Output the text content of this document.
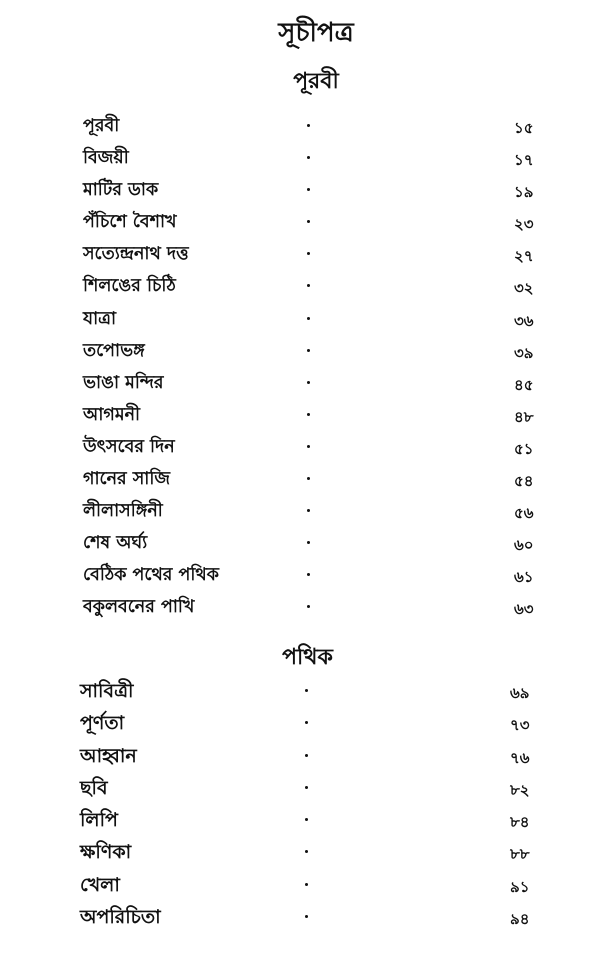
সূচীপত্র
পূরবী
পূরবী	১৫
বিজয়ী	১৭
মাটির ডাক	১৯
পঁচিশে বৈশাখ	২৩
সত্যেন্দ্রনাথ দত্ত	২৭
শিলঙের চিঠি	৩২
যাত্রা	৩৬
তপোভঙ্গ	৩৯
ভাঙা মন্দির	৪৫
আগমনী	৪৮
উৎসবের দিন	৫১
গানের সাজি	৫৪
লীলাসঙ্গিনী	৫৬
শেষ অর্ঘ্য	৬০
বেঠিক পথের পথিক	৬১
বকুলবনের পাখি	৬৩
পথিক
সাবিত্রী	৬৯
পূর্ণতা	৭৩
আহ্বান	৭৬
ছবি	৮২
লিপি	৮৪
ক্ষণিকা	৮৮
খেলা	৯১
অপরিচিতা	৯৪
